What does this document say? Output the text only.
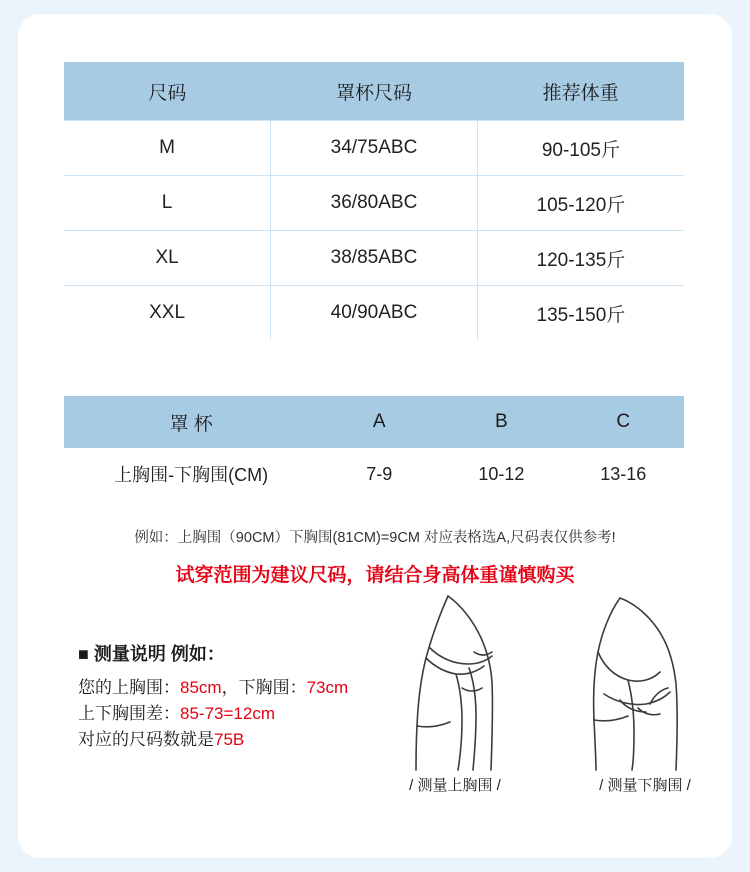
尺码	罩杯尺码	推荐体重
M	34/75ABC	90-105斤
L	36/80ABC	105-120斤
XL	38/85ABC	120-135斤
XXL	40/90ABC	135-150斤
罩 杯	A	B	C
上胸围-下胸围(CM)	7-9	10-12	13-16
例如：上胸围（90CM）下胸围(81CM)=9CM 对应表格选A,尺码表仅供参考!
试穿范围为建议尺码，请结合身高体重谨慎购买
■ 测量说明 例如：
您的上胸围：85cm，下胸围：73cm
上下胸围差：85-73=12cm
对应的尺码数就是75B
/ 测量上胸围 /	/ 测量下胸围 /
